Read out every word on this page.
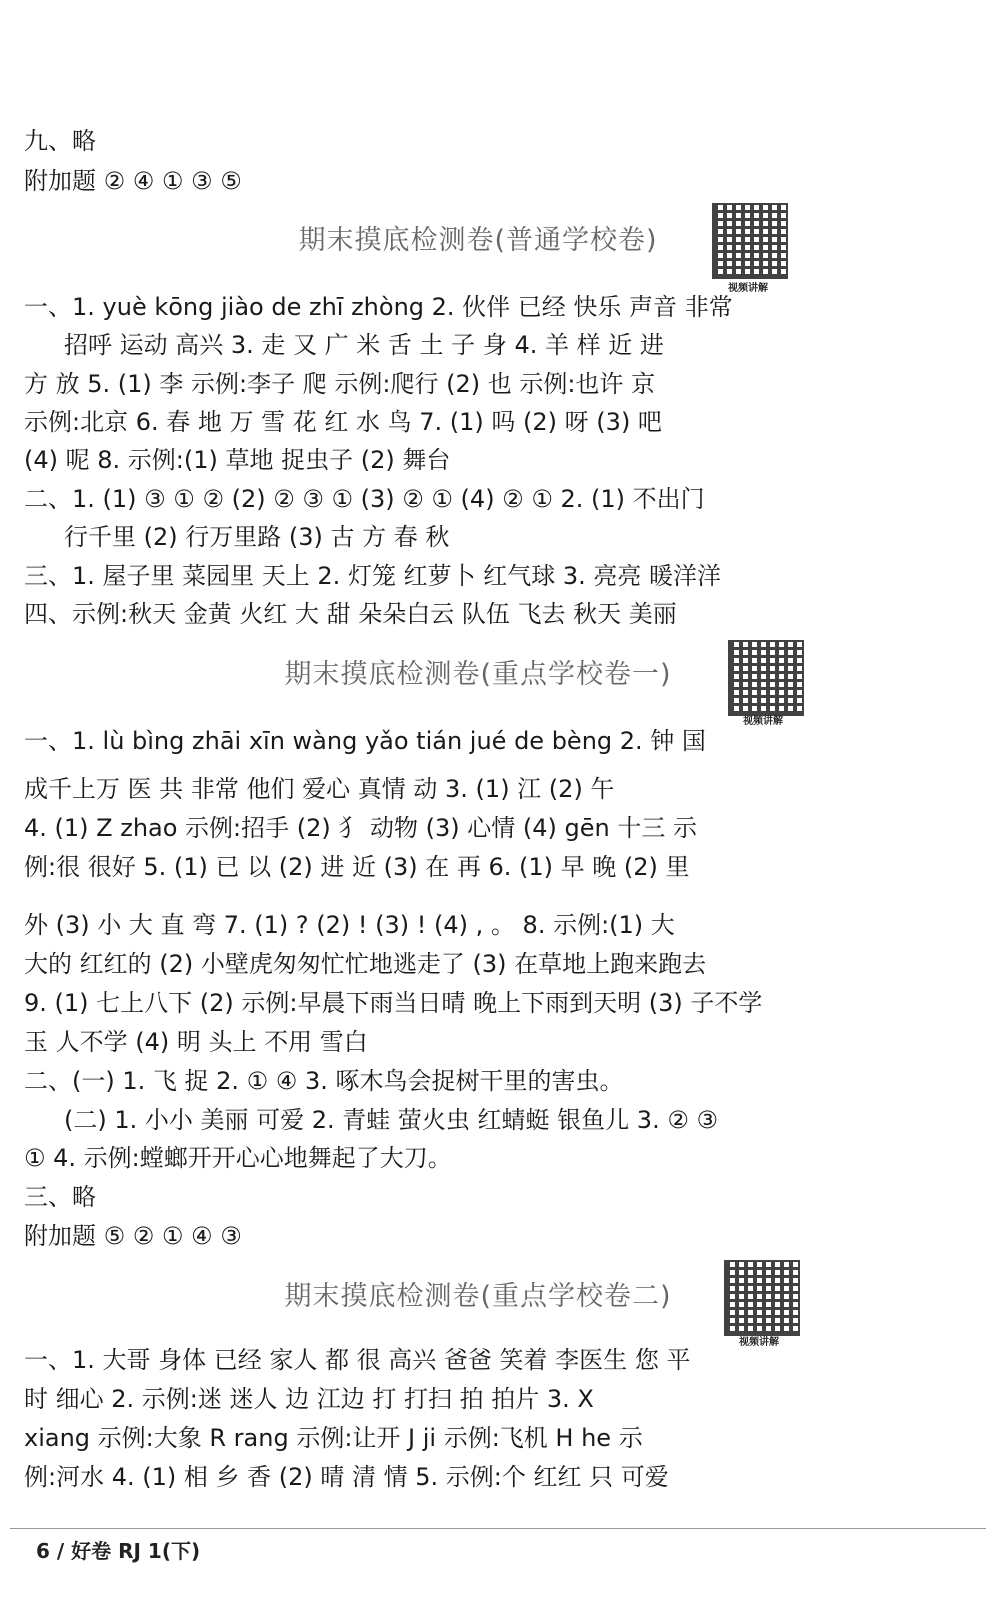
九、略
附加题 ② ④ ① ③ ⑤
期末摸底检测卷(普通学校卷)
视频讲解
一、1. yuè kōng jiào de zhī zhòng 2. 伙伴 已经 快乐 声音 非常
招呼 运动 高兴 3. 走 又 广 米 舌 土 子 身 4. 羊 样 近 进
方 放 5. (1) 李 示例:李子 爬 示例:爬行 (2) 也 示例:也许 京
示例:北京 6. 春 地 万 雪 花 红 水 鸟 7. (1) 吗 (2) 呀 (3) 吧
(4) 呢 8. 示例:(1) 草地 捉虫子 (2) 舞台
二、1. (1) ③ ① ② (2) ② ③ ① (3) ② ① (4) ② ① 2. (1) 不出门
行千里 (2) 行万里路 (3) 古 方 春 秋
三、1. 屋子里 菜园里 天上 2. 灯笼 红萝卜 红气球 3. 亮亮 暖洋洋
四、示例:秋天 金黄 火红 大 甜 朵朵白云 队伍 飞去 秋天 美丽
期末摸底检测卷(重点学校卷一)
视频讲解
一、1. lù bìng zhāi xīn wàng yǎo tián jué de bèng 2. 钟 国
成千上万 医 共 非常 他们 爱心 真情 动 3. (1) 江 (2) 午
4. (1) Z zhao 示例:招手 (2) 犭 动物 (3) 心情 (4) gēn 十三 示
例:很 很好 5. (1) 已 以 (2) 进 近 (3) 在 再 6. (1) 早 晚 (2) 里
外 (3) 小 大 直 弯 7. (1) ? (2) ! (3) ! (4) , 。 8. 示例:(1) 大
大的 红红的 (2) 小壁虎匆匆忙忙地逃走了 (3) 在草地上跑来跑去
9. (1) 七上八下 (2) 示例:早晨下雨当日晴 晚上下雨到天明 (3) 子不学
玉 人不学 (4) 明 头上 不用 雪白
二、(一) 1. 飞 捉 2. ① ④ 3. 啄木鸟会捉树干里的害虫。
(二) 1. 小小 美丽 可爱 2. 青蛙 萤火虫 红蜻蜓 银鱼儿 3. ② ③
① 4. 示例:螳螂开开心心地舞起了大刀。
三、略
附加题 ⑤ ② ① ④ ③
期末摸底检测卷(重点学校卷二)
视频讲解
一、1. 大哥 身体 已经 家人 都 很 高兴 爸爸 笑着 李医生 您 平
时 细心 2. 示例:迷 迷人 边 江边 打 打扫 拍 拍片 3. X
xiang 示例:大象 R rang 示例:让开 J ji 示例:飞机 H he 示
例:河水 4. (1) 相 乡 香 (2) 晴 清 情 5. 示例:个 红红 只 可爱
6 / 好卷 RJ 1(下)
